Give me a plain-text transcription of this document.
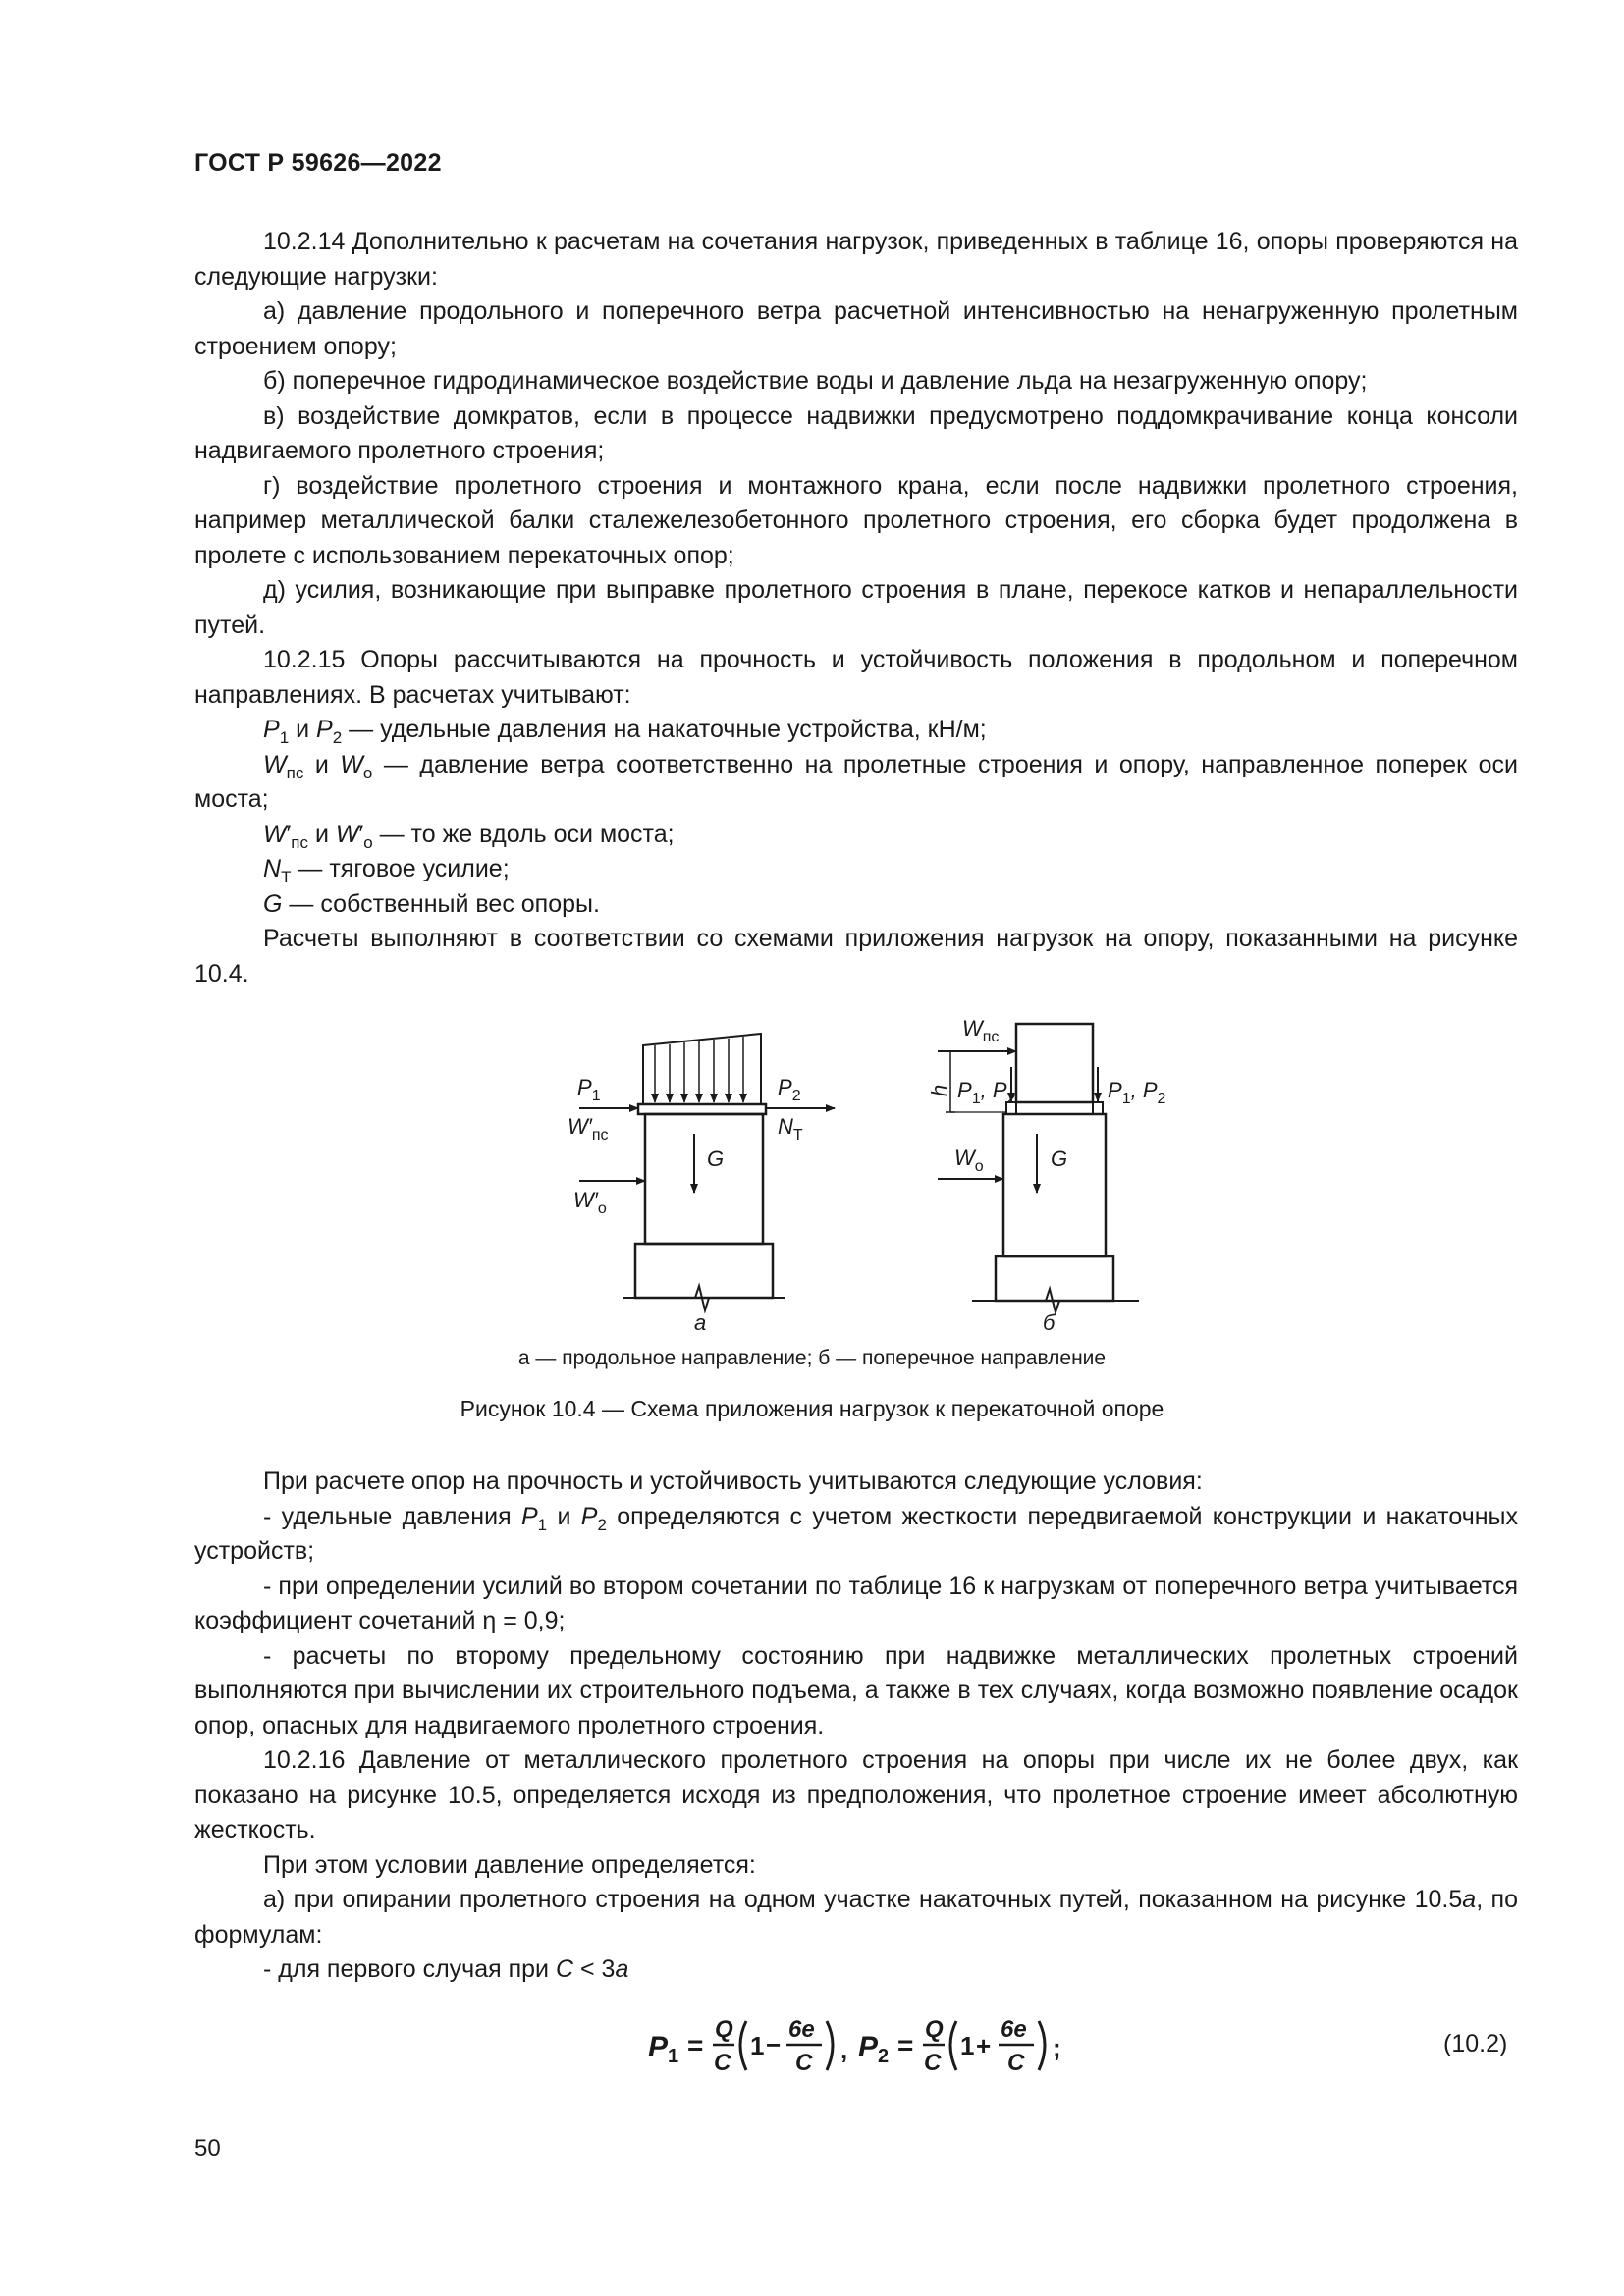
ГОСТ Р 59626—2022

10.2.14 Дополнительно к расчетам на сочетания нагрузок, приведенных в таблице 16, опоры проверяются на следующие нагрузки:

а) давление продольного и поперечного ветра расчетной интенсивностью на ненагруженную пролетным строением опору;

б) поперечное гидродинамическое воздействие воды и давление льда на незагруженную опору;

в) воздействие домкратов, если в процессе надвижки предусмотрено поддомкрачивание конца консоли надвигаемого пролетного строения;

г) воздействие пролетного строения и монтажного крана, если после надвижки пролетного строения, например металлической балки сталежелезобетонного пролетного строения, его сборка будет продолжена в пролете с использованием перекаточных опор;

д) усилия, возникающие при выправке пролетного строения в плане, перекосе катков и непараллельности путей.

10.2.15 Опоры рассчитываются на прочность и устойчивость положения в продольном и поперечном направлениях. В расчетах учитывают:

$P_1$ и $P_2$ — удельные давления на накаточные устройства, кН/м;

$W_{пс}$ и $W_о$ — давление ветра соответственно на пролетные строения и опору, направленное поперек оси моста;

$W'_{пс}$ и $W'_о$ — то же вдоль оси моста;

$N_Т$ — тяговое усилие;

G — собственный вес опоры.

Расчеты выполняют в соответствии со схемами приложения нагрузок на опору, показанными на рисунке 10.4.

$P_1$	$P_2$
$W'_{пс}$	$N_Т$
G
$W'_о$
а
$W_{пс}$
h $P_1$, $P_2$	$P_1$, $P_2$
$W_о$	G
б
а — продольное направление; б — поперечное направление
Рисунок 10.4 — Схема приложения нагрузок к перекаточной опоре

При расчете опор на прочность и устойчивость учитываются следующие условия:

- удельные давления $P_1$ и $P_2$ определяются с учетом жесткости передвигаемой конструкции и накаточных устройств;

- при определении усилий во втором сочетании по таблице 16 к нагрузкам от поперечного ветра учитывается коэффициент сочетаний η = 0,9;

- расчеты по второму предельному состоянию при надвижке металлических пролетных строений выполняются при вычислении их строительного подъема, а также в тех случаях, когда возможно появление осадок опор, опасных для надвигаемого пролетного строения.

10.2.16 Давление от металлического пролетного строения на опоры при числе их не более двух, как показано на рисунке 10.5, определяется исходя из предположения, что пролетное строение имеет абсолютную жесткость.

При этом условии давление определяется:

а) при опирании пролетного строения на одном участке накаточных путей, показанном на рисунке 10.5а, по формулам:

- для первого случая при C < 3a

$P_1$ =
Q
C
1 −
6e
C , $P_2$ =
Q
C
1 +
6e
C
;	(10.2)
50
